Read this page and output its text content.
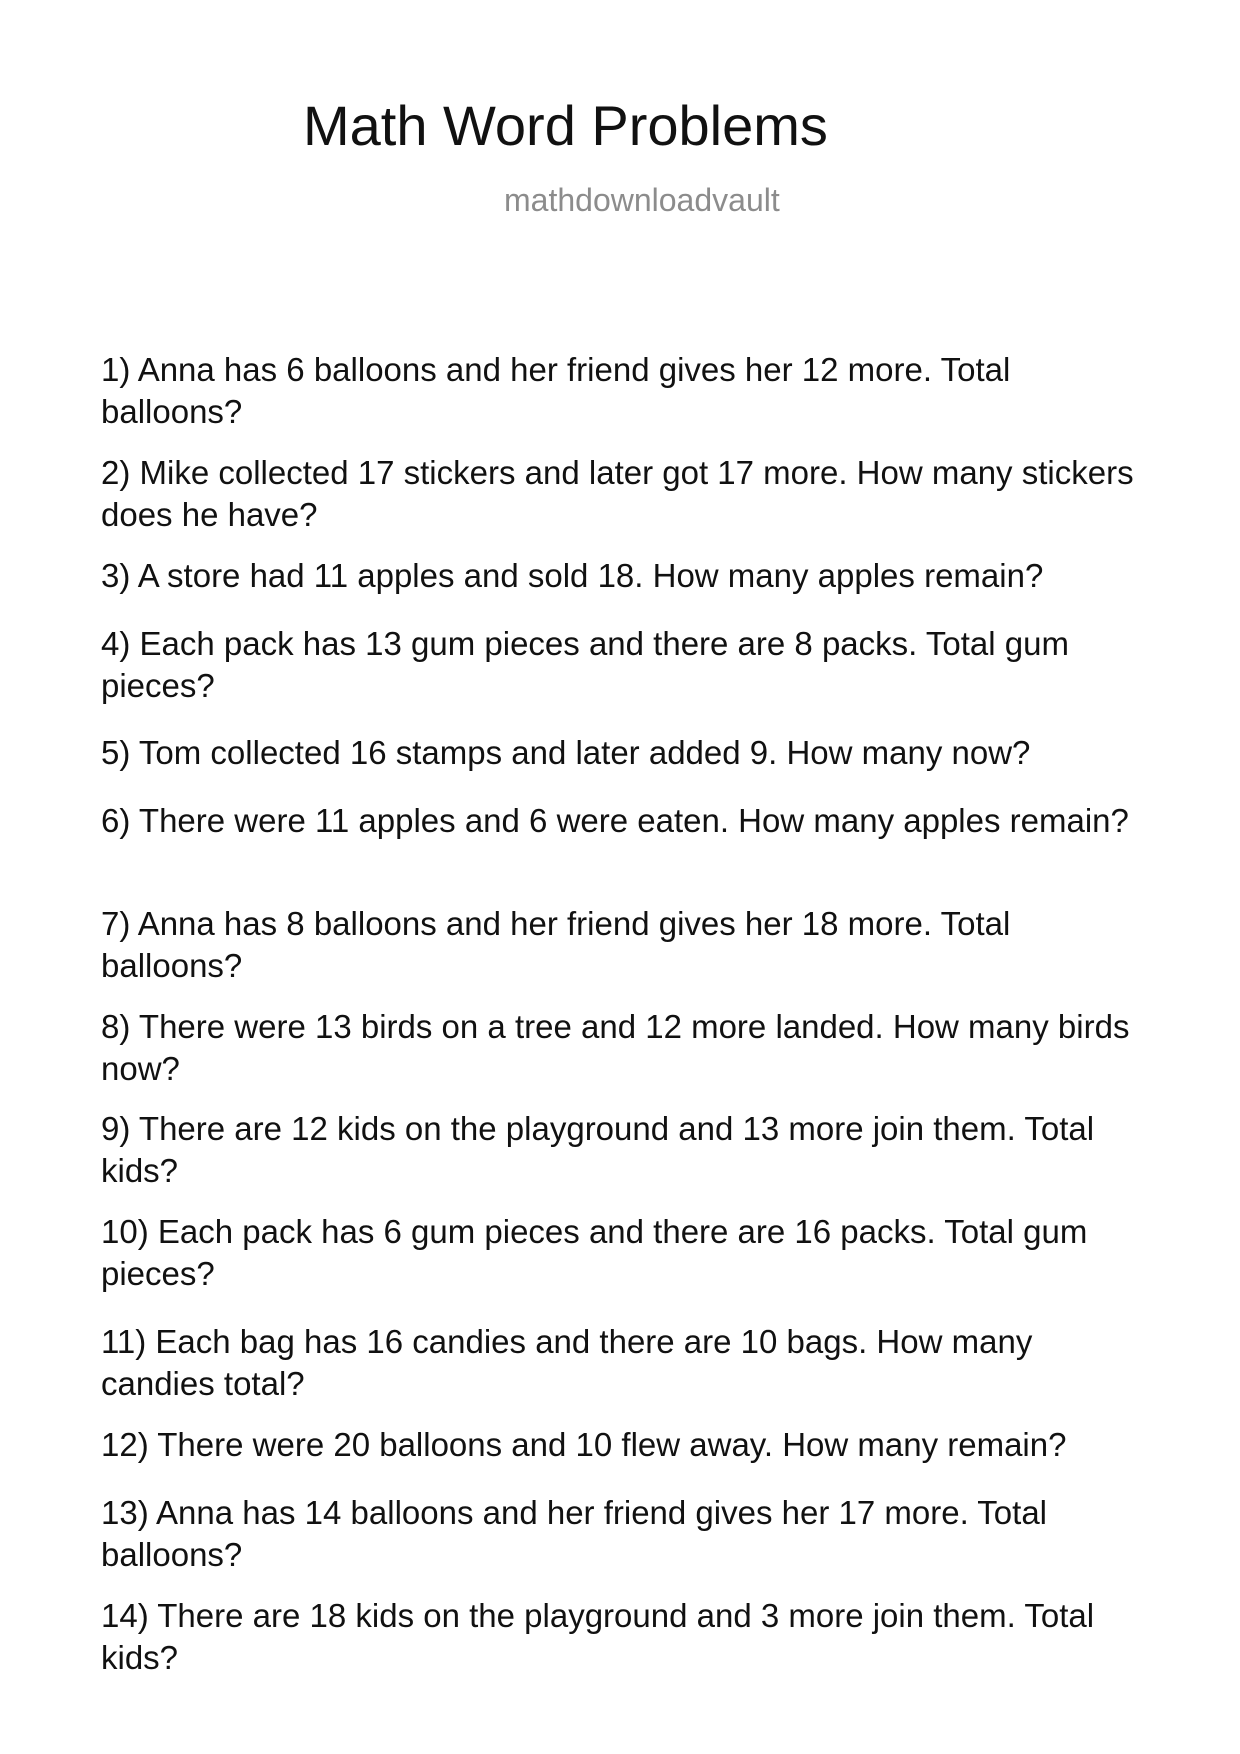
Math Word Problems
mathdownloadvault
1) Anna has 6 balloons and her friend gives her 12 more. Total balloons?
2) Mike collected 17 stickers and later got 17 more. How many stickers does he have?
3) A store had 11 apples and sold 18. How many apples remain?
4) Each pack has 13 gum pieces and there are 8 packs. Total gum pieces?
5) Tom collected 16 stamps and later added 9. How many now?
6) There were 11 apples and 6 were eaten. How many apples remain?
7) Anna has 8 balloons and her friend gives her 18 more. Total balloons?
8) There were 13 birds on a tree and 12 more landed. How many birds now?
9) There are 12 kids on the playground and 13 more join them. Total kids?
10) Each pack has 6 gum pieces and there are 16 packs. Total gum pieces?
11) Each bag has 16 candies and there are 10 bags. How many candies total?
12) There were 20 balloons and 10 flew away. How many remain?
13) Anna has 14 balloons and her friend gives her 17 more. Total balloons?
14) There are 18 kids on the playground and 3 more join them. Total kids?
